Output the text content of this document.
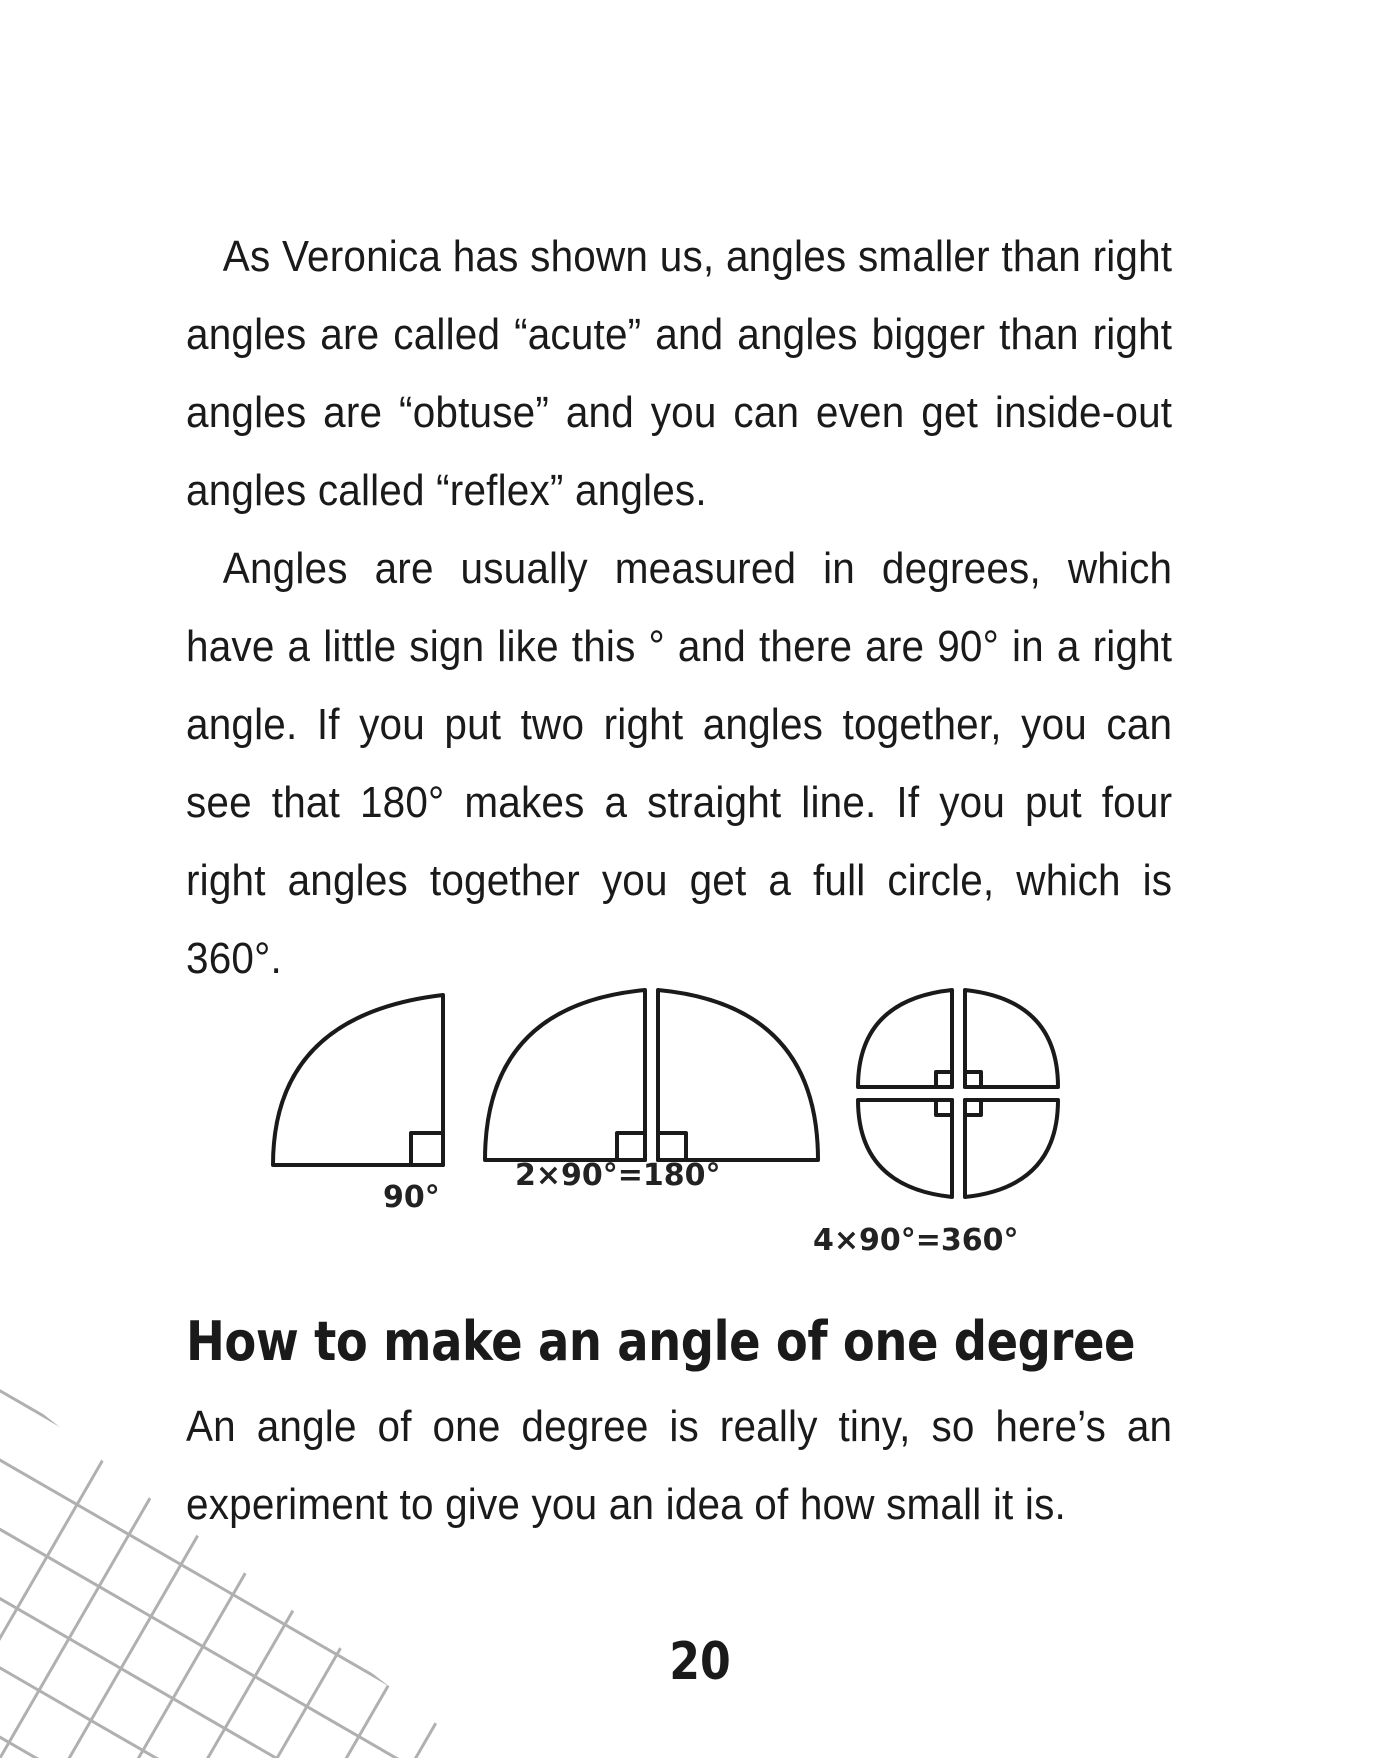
As Veronica has shown us, angles smaller than right angles are called “acute” and angles bigger than right angles are “obtuse” and you can even get inside-out angles called “reflex” angles.

Angles are usually measured in degrees, which have a little sign like this ° and there are 90° in a right angle. If you put two right angles together, you can see that 180° makes a straight line. If you put four right angles together you get a full circle, which is 360°.

90°
2×90°=180°
4×90°=360°
How to make an angle of one degree

An angle of one degree is really tiny, so here’s an experiment to give you an idea of how small it is.

20
